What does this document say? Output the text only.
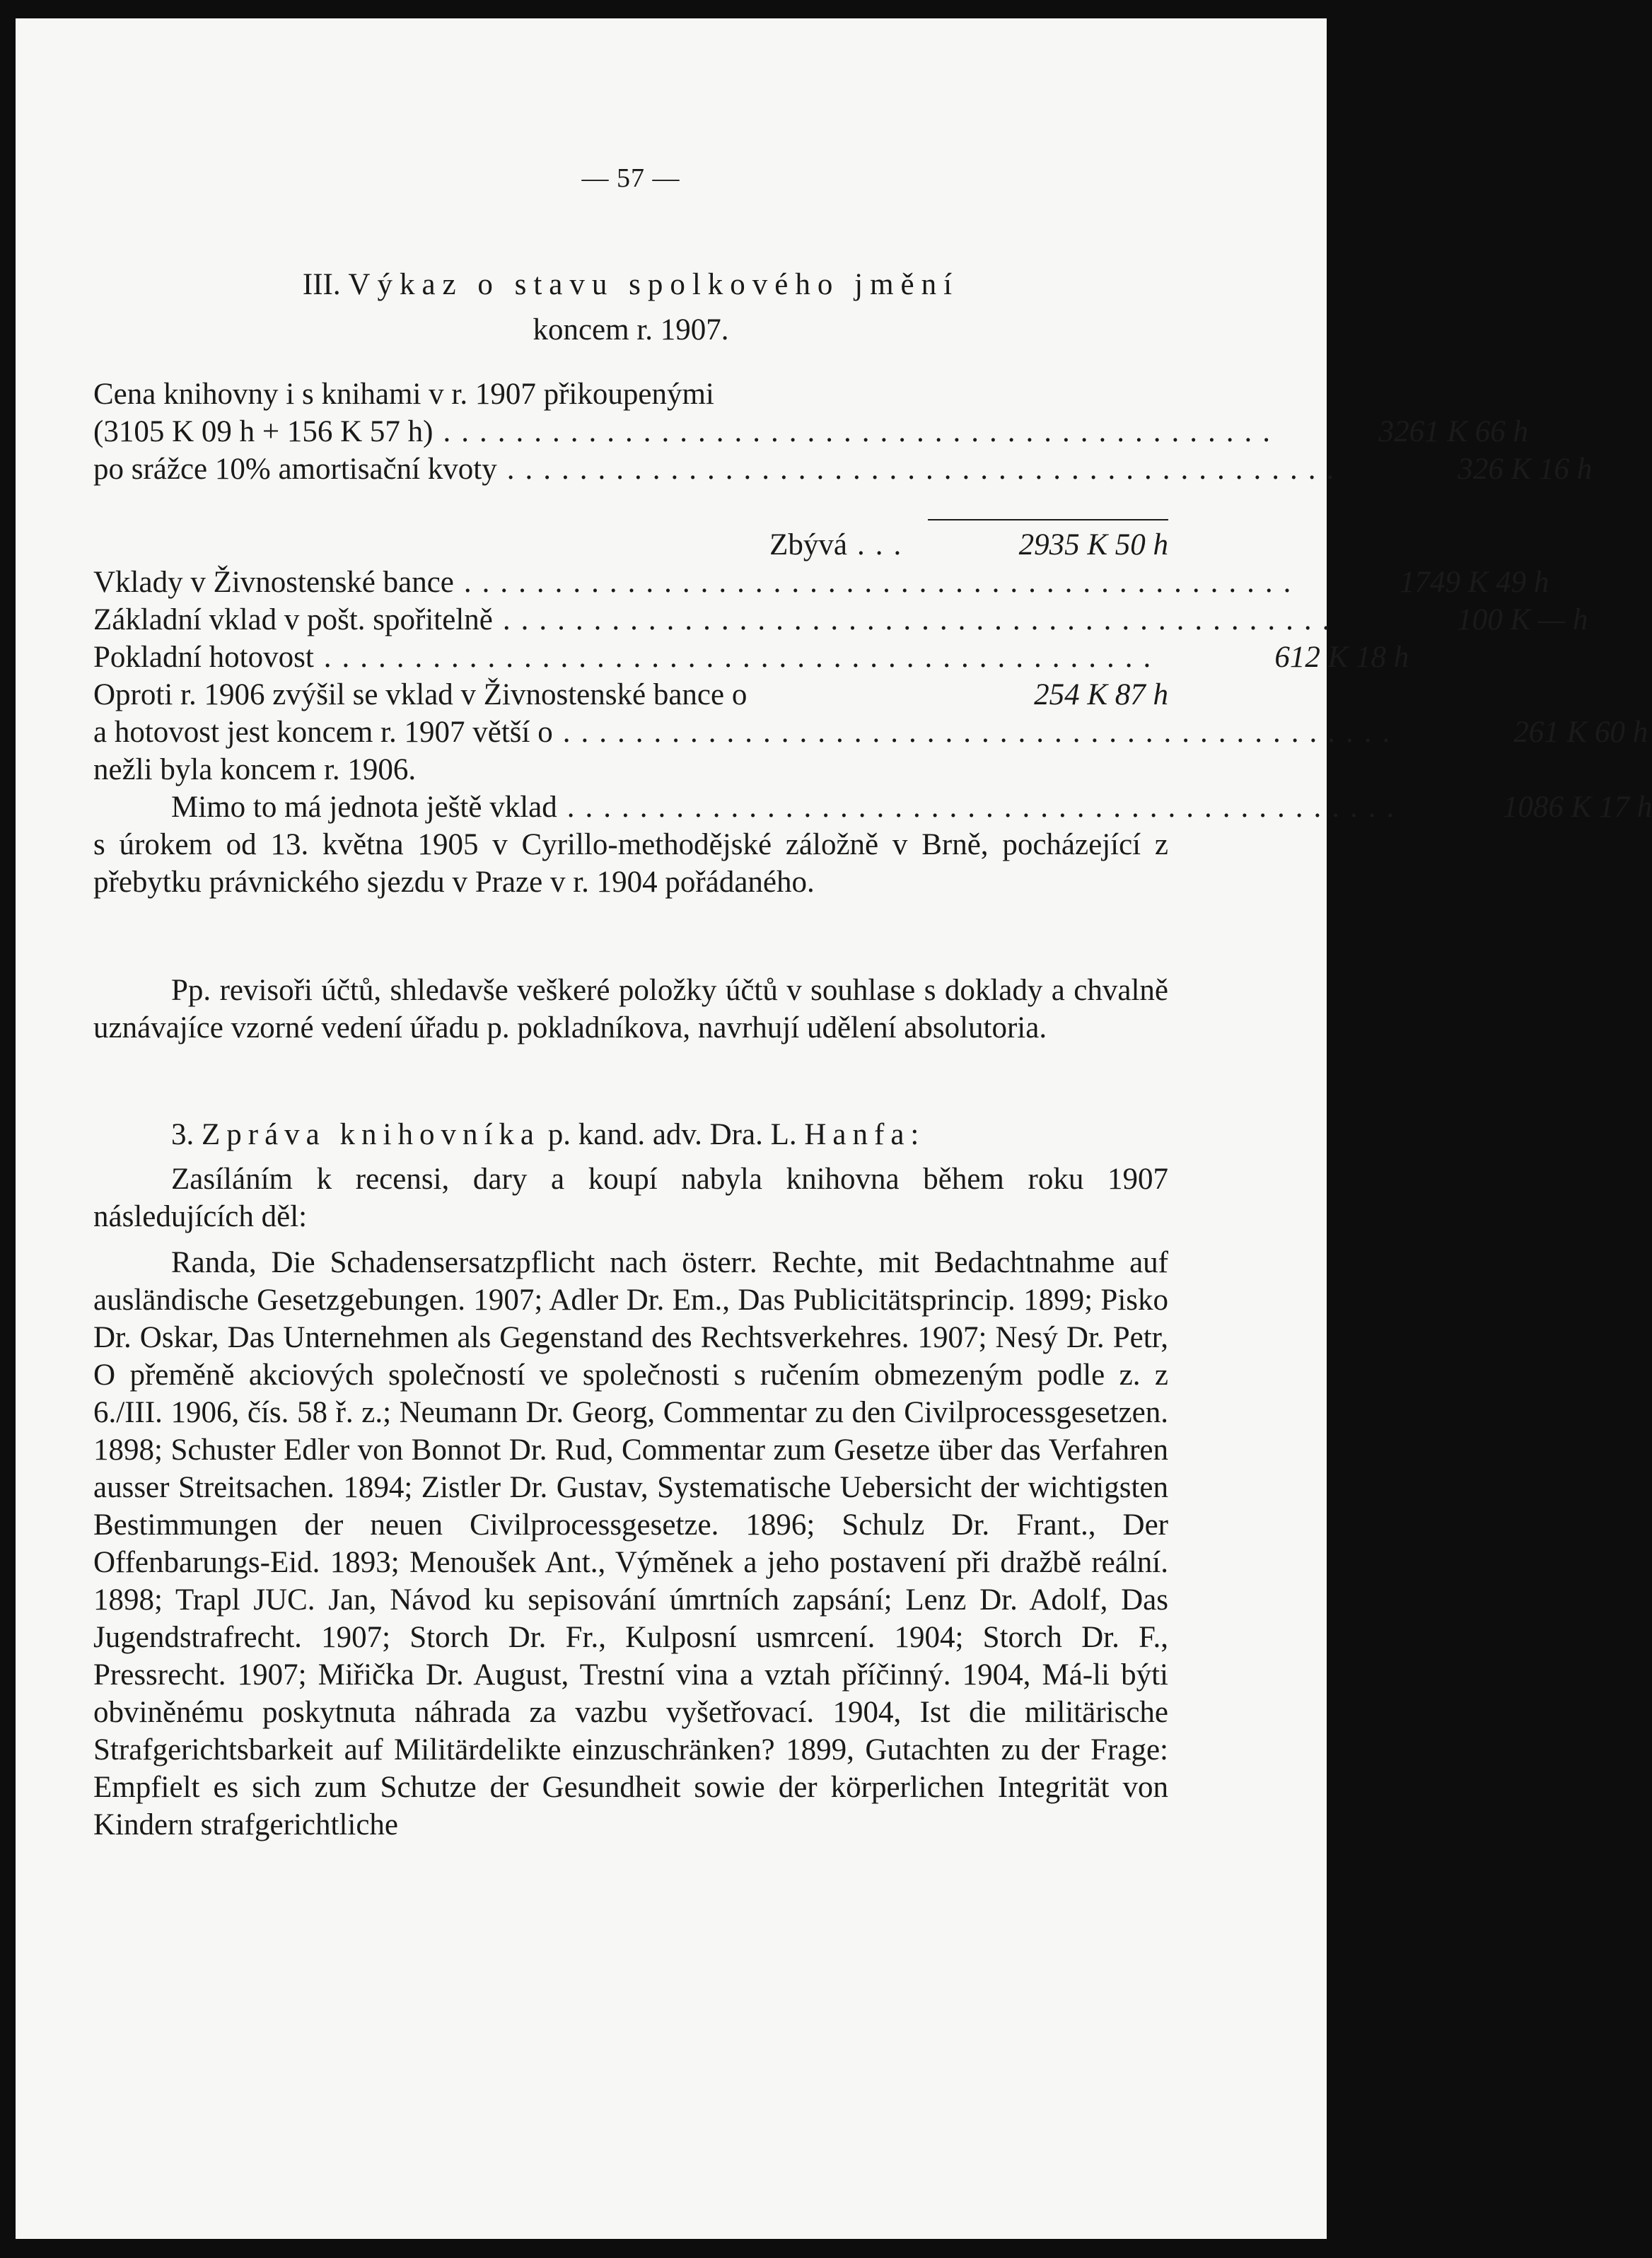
— 57 —
III. Výkaz o stavu spolkového jmění
koncem r. 1907.
Cena knihovny i s knihami v r. 1907 přikoupenými
(3105 K 09 h + 156 K 57 h) ..............................................	3261 K 66 h
po srážce 10% amortisační kvoty ..............................................	326 K 16 h
Zbývá ...	2935 K 50 h
Vklady v Živnostenské bance ..............................................	1749 K 49 h
Základní vklad v pošt. spořitelně ..............................................	100 K — h
Pokladní hotovost ..............................................	612 K 18 h
Oproti r. 1906 zvýšil se vklad v Živnostenské bance o	254 K 87 h
a hotovost jest koncem r. 1907 větší o ..............................................	261 K 60 h
nežli byla koncem r. 1906.
Mimo to má jednota ještě vklad ..............................................	1086 K 17 h
s úrokem od 13. května 1905 v Cyrillo-methodějské záložně v Brně, pocházející z přebytku právnického sjezdu v Praze v r. 1904 pořádaného.
Pp. revisoři účtů, shledavše veškeré položky účtů v souhlase s doklady a chvalně uznávajíce vzorné vedení úřadu p. pokladníkova, navrhují udělení absolutoria.
3. Zpráva knihovníka p. kand. adv. Dra. L. Hanfa:
Zasíláním k recensi, dary a koupí nabyla knihovna během roku 1907 následujících děl:
Randa, Die Schadensersatzpflicht nach österr. Rechte, mit Bedachtnahme auf ausländische Gesetzgebungen. 1907; Adler Dr. Em., Das Publicitätsprincip. 1899; Pisko Dr. Oskar, Das Unternehmen als Gegenstand des Rechtsverkehres. 1907; Nesý Dr. Petr, O přeměně akciových společností ve společnosti s ručením obmezeným podle z. z 6./III. 1906, čís. 58 ř. z.; Neumann Dr. Georg, Commentar zu den Civilprocessgesetzen. 1898; Schuster Edler von Bonnot Dr. Rud, Commentar zum Gesetze über das Verfahren ausser Streitsachen. 1894; Zistler Dr. Gustav, Systematische Uebersicht der wichtigsten Bestimmungen der neuen Civilprocessgesetze. 1896; Schulz Dr. Frant., Der Offenbarungs-Eid. 1893; Menoušek Ant., Výměnek a jeho postavení při dražbě reální. 1898; Trapl JUC. Jan, Návod ku sepisování úmrtních zapsání; Lenz Dr. Adolf, Das Jugendstrafrecht. 1907; Storch Dr. Fr., Kulposní usmrcení. 1904; Storch Dr. F., Pressrecht. 1907; Miřička Dr. August, Trestní vina a vztah příčinný. 1904, Má-li býti obviněnému poskytnuta náhrada za vazbu vyšetřovací. 1904, Ist die militärische Strafgerichtsbarkeit auf Militärdelikte einzuschränken? 1899, Gutachten zu der Frage: Empfielt es sich zum Schutze der Gesundheit sowie der körperlichen Integrität von Kindern strafgerichtliche
